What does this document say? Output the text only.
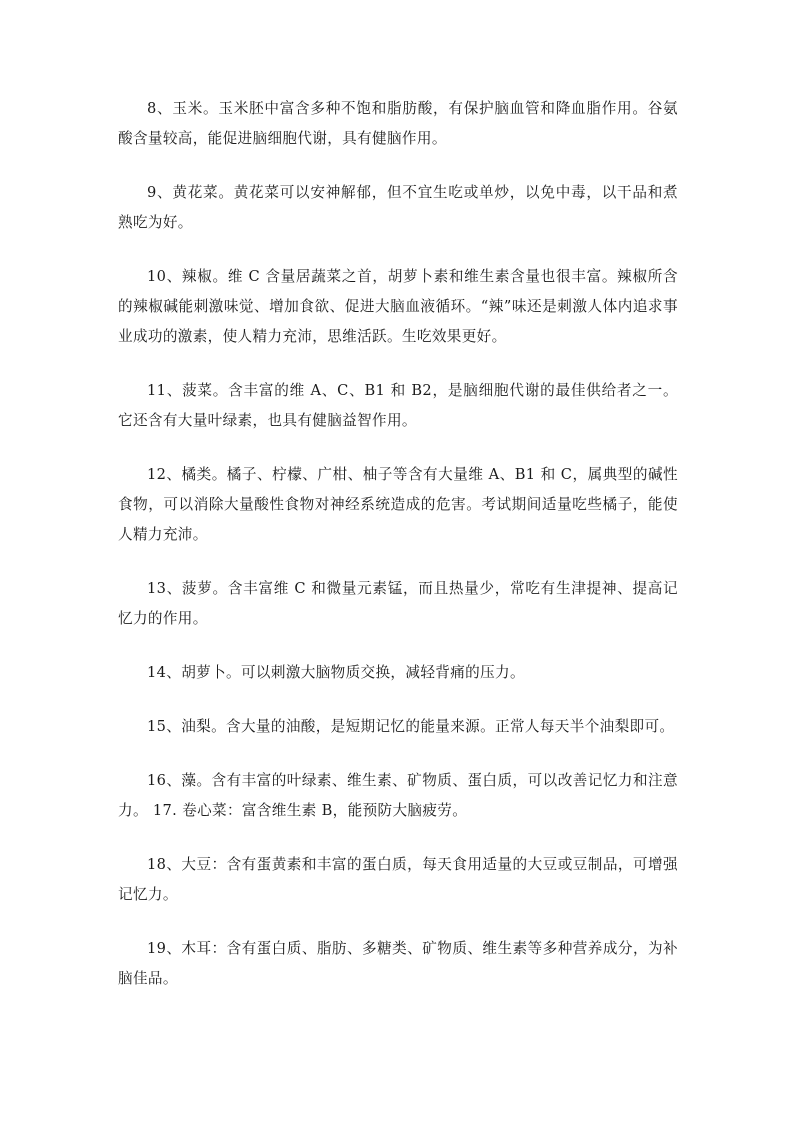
8、玉米。玉米胚中富含多种不饱和脂肪酸，有保护脑血管和降血脂作用。谷氨酸含量较高，能促进脑细胞代谢，具有健脑作用。

9、黄花菜。黄花菜可以安神解郁，但不宜生吃或单炒，以免中毒，以干品和煮熟吃为好。

10、辣椒。维 C 含量居蔬菜之首，胡萝卜素和维生素含量也很丰富。辣椒所含的辣椒碱能刺激味觉、增加食欲、促进大脑血液循环。“辣”味还是刺激人体内追求事业成功的激素，使人精力充沛，思维活跃。生吃效果更好。

11、菠菜。含丰富的维 A、C、B1 和 B2，是脑细胞代谢的最佳供给者之一。它还含有大量叶绿素，也具有健脑益智作用。

12、橘类。橘子、柠檬、广柑、柚子等含有大量维 A、B1 和 C，属典型的碱性食物，可以消除大量酸性食物对神经系统造成的危害。考试期间适量吃些橘子，能使人精力充沛。

13、菠萝。含丰富维 C 和微量元素锰，而且热量少，常吃有生津提神、提高记忆力的作用。

14、胡萝卜。可以刺激大脑物质交换，减轻背痛的压力。

15、油梨。含大量的油酸，是短期记忆的能量来源。正常人每天半个油梨即可。

16、藻。含有丰富的叶绿素、维生素、矿物质、蛋白质，可以改善记忆力和注意力。 17. 卷心菜：富含维生素 B，能预防大脑疲劳。

18、大豆：含有蛋黄素和丰富的蛋白质，每天食用适量的大豆或豆制品，可增强记忆力。

19、木耳：含有蛋白质、脂肪、多糖类、矿物质、维生素等多种营养成分，为补脑佳品。
